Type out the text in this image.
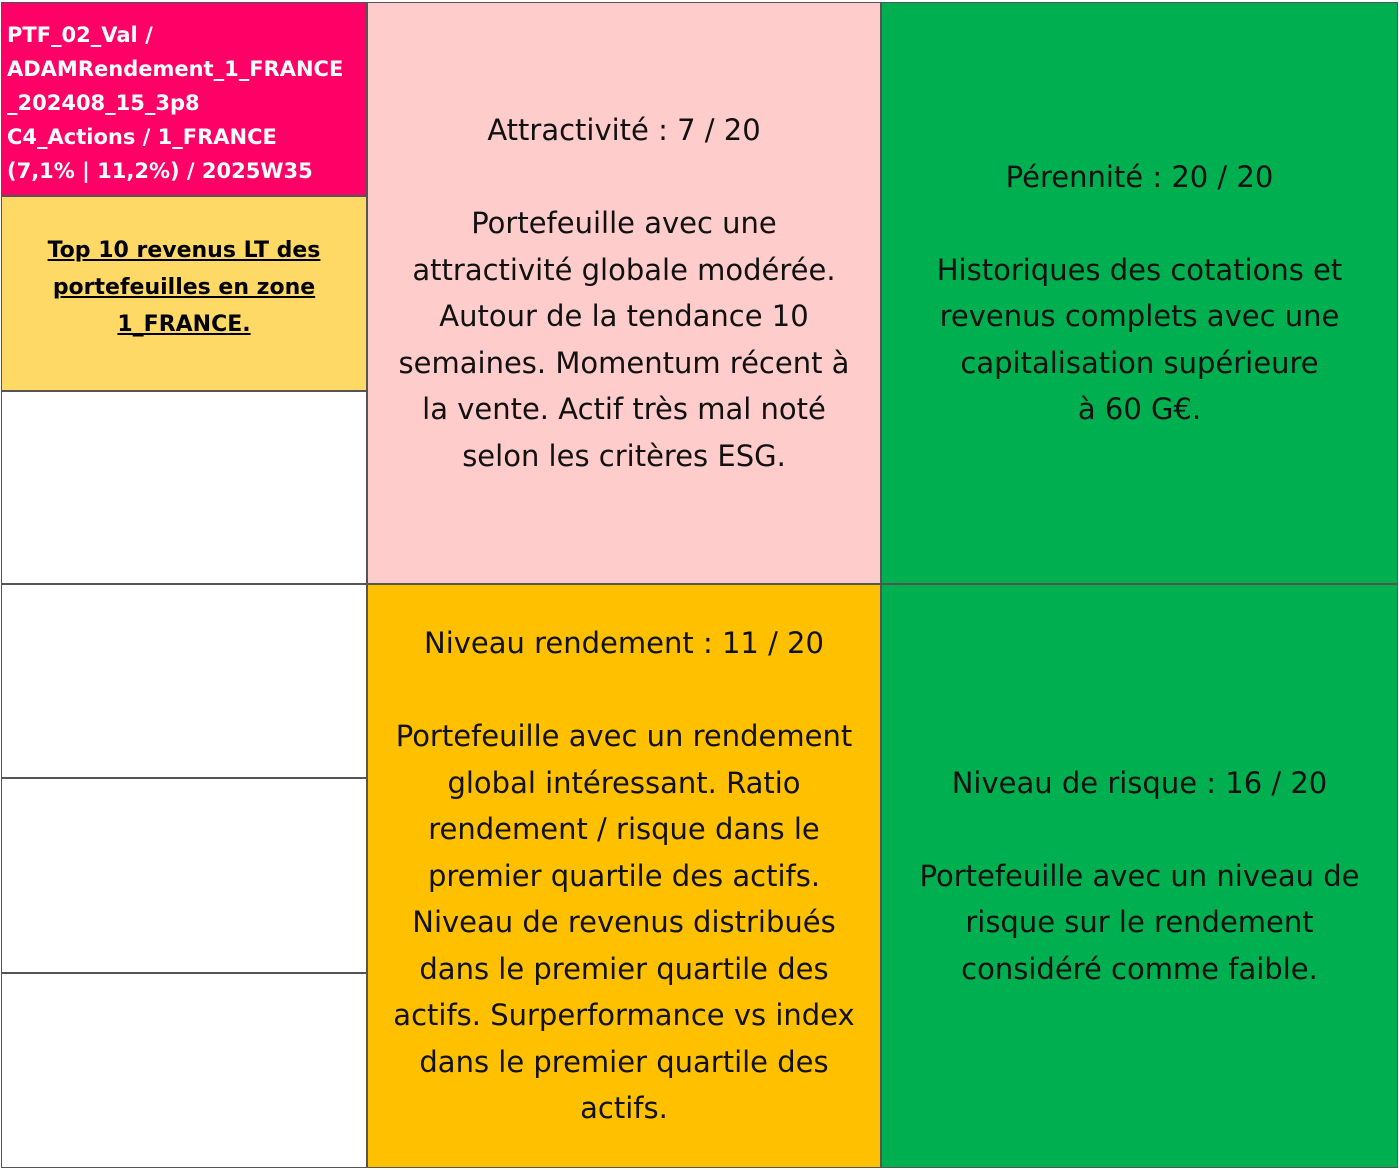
PTF_02_Val /
ADAMRendement_1_FRANCE
_202408_15_3p8
C4_Actions / 1_FRANCE
(7,1% | 11,2%) / 2025W35
Top 10 revenus LT des
portefeuilles en zone
1_FRANCE.
Attractivité : 7 / 20
Portefeuille avec une
attractivité globale modérée.
Autour de la tendance 10
semaines. Momentum récent à
la vente. Actif très mal noté
selon les critères ESG.
Pérennité : 20 / 20
Historiques des cotations et
revenus complets avec une
capitalisation supérieure
à 60 G€.
Niveau rendement : 11 / 20
Portefeuille avec un rendement
global intéressant. Ratio
rendement / risque dans le
premier quartile des actifs.
Niveau de revenus distribués
dans le premier quartile des
actifs. Surperformance vs index
dans le premier quartile des
actifs.
Niveau de risque : 16 / 20
Portefeuille avec un niveau de
risque sur le rendement
considéré comme faible.
